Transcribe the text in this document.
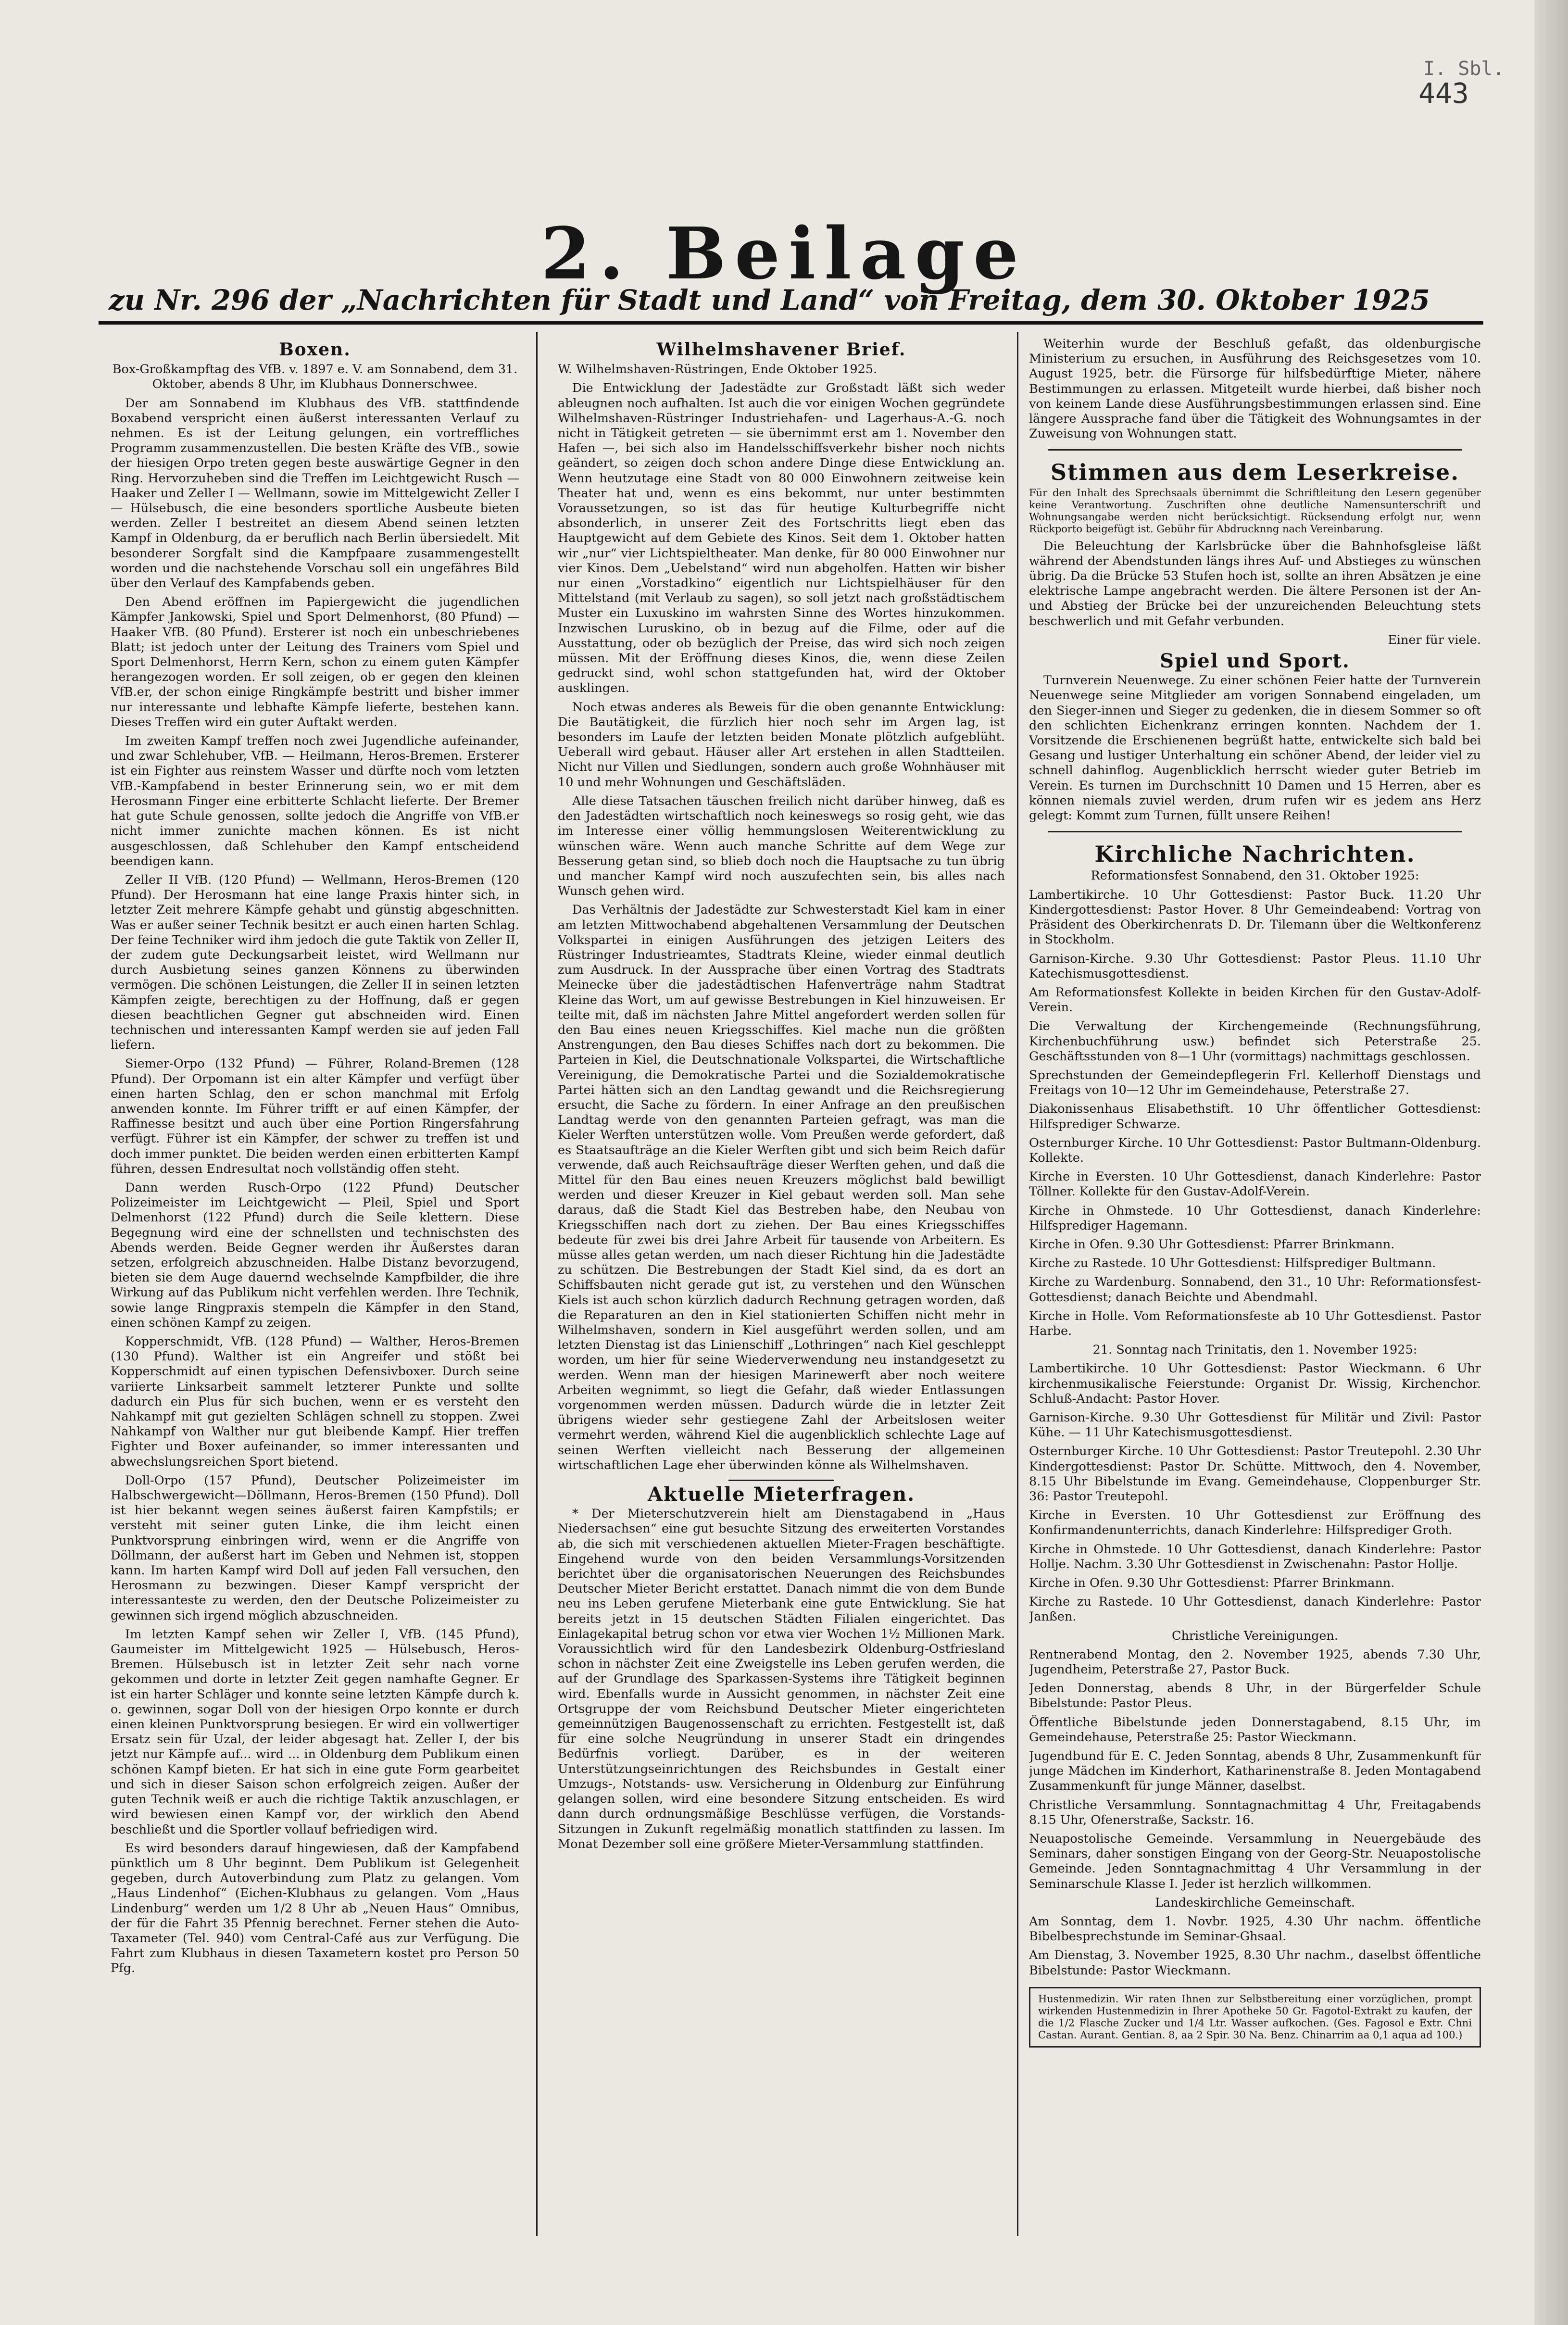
I. Sbl.
443
2. Beilage
zu Nr. 296 der „Nachrichten für Stadt und Land“ von Freitag, dem 30. Oktober 1925
Boxen.

Box-Großkampftag des VfB. v. 1897 e. V. am Sonnabend, dem 31. Oktober, abends 8 Uhr, im Klubhaus Donnerschwee.

Der am Sonnabend im Klubhaus des VfB. stattfindende Boxabend verspricht einen äußerst interessanten Verlauf zu nehmen. Es ist der Leitung gelungen, ein vortreffliches Programm zusammenzustellen. Die besten Kräfte des VfB., sowie der hiesigen Orpo treten gegen beste auswärtige Gegner in den Ring. Hervorzuheben sind die Treffen im Leichtgewicht Rusch — Haaker und Zeller I — Wellmann, sowie im Mittelgewicht Zeller I — Hülsebusch, die eine besonders sportliche Ausbeute bieten werden. Zeller I bestreitet an diesem Abend seinen letzten Kampf in Oldenburg, da er beruflich nach Berlin übersiedelt. Mit besonderer Sorgfalt sind die Kampfpaare zusammengestellt worden und die nachstehende Vorschau soll ein ungefähres Bild über den Verlauf des Kampfabends geben.

Den Abend eröffnen im Papiergewicht die jugendlichen Kämpfer Jankowski, Spiel und Sport Delmenhorst, (80 Pfund) — Haaker VfB. (80 Pfund). Ersterer ist noch ein unbeschriebenes Blatt; ist jedoch unter der Leitung des Trainers vom Spiel und Sport Delmenhorst, Herrn Kern, schon zu einem guten Kämpfer herangezogen worden. Er soll zeigen, ob er gegen den kleinen VfB.er, der schon einige Ringkämpfe bestritt und bisher immer nur interessante und lebhafte Kämpfe lieferte, bestehen kann. Dieses Treffen wird ein guter Auftakt werden.

Im zweiten Kampf treffen noch zwei Jugendliche aufeinander, und zwar Schlehuber, VfB. — Heilmann, Heros-Bremen. Ersterer ist ein Fighter aus reinstem Wasser und dürfte noch vom letzten VfB.-Kampfabend in bester Erinnerung sein, wo er mit dem Herosmann Finger eine erbitterte Schlacht lieferte. Der Bremer hat gute Schule genossen, sollte jedoch die Angriffe von VfB.er nicht immer zunichte machen können. Es ist nicht ausgeschlossen, daß Schlehuber den Kampf entscheidend beendigen kann.

Zeller II VfB. (120 Pfund) — Wellmann, Heros-Bremen (120 Pfund). Der Herosmann hat eine lange Praxis hinter sich, in letzter Zeit mehrere Kämpfe gehabt und günstig abgeschnitten. Was er außer seiner Technik besitzt er auch einen harten Schlag. Der feine Techniker wird ihm jedoch die gute Taktik von Zeller II, der zudem gute Deckungsarbeit leistet, wird Wellmann nur durch Ausbietung seines ganzen Könnens zu überwinden vermögen. Die schönen Leistungen, die Zeller II in seinen letzten Kämpfen zeigte, berechtigen zu der Hoffnung, daß er gegen diesen beachtlichen Gegner gut abschneiden wird. Einen technischen und interessanten Kampf werden sie auf jeden Fall liefern.

Siemer-Orpo (132 Pfund) — Führer, Roland-Bremen (128 Pfund). Der Orpomann ist ein alter Kämpfer und verfügt über einen harten Schlag, den er schon manchmal mit Erfolg anwenden konnte. Im Führer trifft er auf einen Kämpfer, der Raffinesse besitzt und auch über eine Portion Ringersfahrung verfügt. Führer ist ein Kämpfer, der schwer zu treffen ist und doch immer punktet. Die beiden werden einen erbitterten Kampf führen, dessen Endresultat noch vollständig offen steht.

Dann werden Rusch-Orpo (122 Pfund) Deutscher Polizeimeister im Leichtgewicht — Pleil, Spiel und Sport Delmenhorst (122 Pfund) durch die Seile klettern. Diese Begegnung wird eine der schnellsten und technischsten des Abends werden. Beide Gegner werden ihr Äußerstes daran setzen, erfolgreich abzuschneiden. Halbe Distanz bevorzugend, bieten sie dem Auge dauernd wechselnde Kampfbilder, die ihre Wirkung auf das Publikum nicht verfehlen werden. Ihre Technik, sowie lange Ringpraxis stempeln die Kämpfer in den Stand, einen schönen Kampf zu zeigen.

Kopperschmidt, VfB. (128 Pfund) — Walther, Heros-Bremen (130 Pfund). Walther ist ein Angreifer und stößt bei Kopperschmidt auf einen typischen Defensivboxer. Durch seine variierte Linksarbeit sammelt letzterer Punkte und sollte dadurch ein Plus für sich buchen, wenn er es versteht den Nahkampf mit gut gezielten Schlägen schnell zu stoppen. Zwei Nahkampf von Walther nur gut bleibende Kampf. Hier treffen Fighter und Boxer aufeinander, so immer interessanten und abwechslungsreichen Sport bietend.

Doll-Orpo (157 Pfund), Deutscher Polizeimeister im Halbschwergewicht—Döllmann, Heros-Bremen (150 Pfund). Doll ist hier bekannt wegen seines äußerst fairen Kampfstils; er versteht mit seiner guten Linke, die ihm leicht einen Punktvorsprung einbringen wird, wenn er die Angriffe von Döllmann, der außerst hart im Geben und Nehmen ist, stoppen kann. Im harten Kampf wird Doll auf jeden Fall versuchen, den Herosmann zu bezwingen. Dieser Kampf verspricht der interessanteste zu werden, den der Deutsche Polizeimeister zu gewinnen sich irgend möglich abzuschneiden.

Im letzten Kampf sehen wir Zeller I, VfB. (145 Pfund), Gaumeister im Mittelgewicht 1925 — Hülsebusch, Heros-Bremen. Hülsebusch ist in letzter Zeit sehr nach vorne gekommen und dorte in letzter Zeit gegen namhafte Gegner. Er ist ein harter Schläger und konnte seine letzten Kämpfe durch k. o. gewinnen, sogar Doll von der hiesigen Orpo konnte er durch einen kleinen Punktvorsprung besiegen. Er wird ein vollwertiger Ersatz sein für Uzal, der leider abgesagt hat. Zeller I, der bis jetzt nur Kämpfe auf... wird ... in Oldenburg dem Publikum einen schönen Kampf bieten. Er hat sich in eine gute Form gearbeitet und sich in dieser Saison schon erfolgreich zeigen. Außer der guten Technik weiß er auch die richtige Taktik anzuschlagen, er wird bewiesen einen Kampf vor, der wirklich den Abend beschließt und die Sportler vollauf befriedigen wird.

Es wird besonders darauf hingewiesen, daß der Kampfabend pünktlich um 8 Uhr beginnt. Dem Publikum ist Gelegenheit gegeben, durch Autoverbindung zum Platz zu gelangen. Vom „Haus Lindenhof“ (Eichen-Klubhaus zu gelangen. Vom „Haus Lindenburg“ werden um 1/2 8 Uhr ab „Neuen Haus“ Omnibus, der für die Fahrt 35 Pfennig berechnet. Ferner stehen die Auto-Taxameter (Tel. 940) vom Central-Café aus zur Verfügung. Die Fahrt zum Klubhaus in diesen Taxametern kostet pro Person 50 Pfg.

Wilhelmshavener Brief.

W. Wilhelmshaven-Rüstringen, Ende Oktober 1925.

Die Entwicklung der Jadestädte zur Großstadt läßt sich weder ableugnen noch aufhalten. Ist auch die vor einigen Wochen gegründete Wilhelmshaven-Rüstringer Industriehafen- und Lagerhaus-A.-G. noch nicht in Tätigkeit getreten — sie übernimmt erst am 1. November den Hafen —, bei sich also im Handelsschiffsverkehr bisher noch nichts geändert, so zeigen doch schon andere Dinge diese Entwicklung an. Wenn heutzutage eine Stadt von 80 000 Einwohnern zeitweise kein Theater hat und, wenn es eins bekommt, nur unter bestimmten Voraussetzungen, so ist das für heutige Kulturbegriffe nicht absonderlich, in unserer Zeit des Fortschritts liegt eben das Hauptgewicht auf dem Gebiete des Kinos. Seit dem 1. Oktober hatten wir „nur“ vier Lichtspieltheater. Man denke, für 80 000 Einwohner nur vier Kinos. Dem „Uebelstand“ wird nun abgeholfen. Hatten wir bisher nur einen „Vorstadkino“ eigentlich nur Lichtspielhäuser für den Mittelstand (mit Verlaub zu sagen), so soll jetzt nach großstädtischem Muster ein Luxuskino im wahrsten Sinne des Wortes hinzukommen. Inzwischen Luruskino, ob in bezug auf die Filme, oder auf die Ausstattung, oder ob bezüglich der Preise, das wird sich noch zeigen müssen. Mit der Eröffnung dieses Kinos, die, wenn diese Zeilen gedruckt sind, wohl schon stattgefunden hat, wird der Oktober ausklingen.

Noch etwas anderes als Beweis für die oben genannte Entwicklung: Die Bautätigkeit, die fürzlich hier noch sehr im Argen lag, ist besonders im Laufe der letzten beiden Monate plötzlich aufgeblüht. Ueberall wird gebaut. Häuser aller Art erstehen in allen Stadtteilen. Nicht nur Villen und Siedlungen, sondern auch große Wohnhäuser mit 10 und mehr Wohnungen und Geschäftsläden.

Alle diese Tatsachen täuschen freilich nicht darüber hinweg, daß es den Jadestädten wirtschaftlich noch keineswegs so rosig geht, wie das im Interesse einer völlig hemmungslosen Weiterentwicklung zu wünschen wäre. Wenn auch manche Schritte auf dem Wege zur Besserung getan sind, so blieb doch noch die Hauptsache zu tun übrig und mancher Kampf wird noch auszufechten sein, bis alles nach Wunsch gehen wird.

Das Verhältnis der Jadestädte zur Schwesterstadt Kiel kam in einer am letzten Mittwochabend abgehaltenen Versammlung der Deutschen Volkspartei in einigen Ausführungen des jetzigen Leiters des Rüstringer Industrieamtes, Stadtrats Kleine, wieder einmal deutlich zum Ausdruck. In der Aussprache über einen Vortrag des Stadtrats Meinecke über die jadestädtischen Hafenverträge nahm Stadtrat Kleine das Wort, um auf gewisse Bestrebungen in Kiel hinzuweisen. Er teilte mit, daß im nächsten Jahre Mittel angefordert werden sollen für den Bau eines neuen Kriegsschiffes. Kiel mache nun die größten Anstrengungen, den Bau dieses Schiffes nach dort zu bekommen. Die Parteien in Kiel, die Deutschnationale Volkspartei, die Wirtschaftliche Vereinigung, die Demokratische Partei und die Sozialdemokratische Partei hätten sich an den Landtag gewandt und die Reichsregierung ersucht, die Sache zu fördern. In einer Anfrage an den preußischen Landtag werde von den genannten Parteien gefragt, was man die Kieler Werften unterstützen wolle. Vom Preußen werde gefordert, daß es Staatsaufträge an die Kieler Werften gibt und sich beim Reich dafür verwende, daß auch Reichsaufträge dieser Werften gehen, und daß die Mittel für den Bau eines neuen Kreuzers möglichst bald bewilligt werden und dieser Kreuzer in Kiel gebaut werden soll. Man sehe daraus, daß die Stadt Kiel das Bestreben habe, den Neubau von Kriegsschiffen nach dort zu ziehen. Der Bau eines Kriegsschiffes bedeute für zwei bis drei Jahre Arbeit für tausende von Arbeitern. Es müsse alles getan werden, um nach dieser Richtung hin die Jadestädte zu schützen. Die Bestrebungen der Stadt Kiel sind, da es dort an Schiffsbauten nicht gerade gut ist, zu verstehen und den Wünschen Kiels ist auch schon kürzlich dadurch Rechnung getragen worden, daß die Reparaturen an den in Kiel stationierten Schiffen nicht mehr in Wilhelmshaven, sondern in Kiel ausgeführt werden sollen, und am letzten Dienstag ist das Linienschiff „Lothringen“ nach Kiel geschleppt worden, um hier für seine Wiederverwendung neu instandgesetzt zu werden. Wenn man der hiesigen Marinewerft aber noch weitere Arbeiten wegnimmt, so liegt die Gefahr, daß wieder Entlassungen vorgenommen werden müssen. Dadurch würde die in letzter Zeit übrigens wieder sehr gestiegene Zahl der Arbeitslosen weiter vermehrt werden, während Kiel die augenblicklich schlechte Lage auf seinen Werften vielleicht nach Besserung der allgemeinen wirtschaftlichen Lage eher überwinden könne als Wilhelmshaven.

Aktuelle Mieterfragen.

* Der Mieterschutzverein hielt am Dienstagabend in „Haus Niedersachsen“ eine gut besuchte Sitzung des erweiterten Vorstandes ab, die sich mit verschiedenen aktuellen Mieter-Fragen beschäftigte. Eingehend wurde von den beiden Versammlungs-Vorsitzenden berichtet über die organisatorischen Neuerungen des Reichsbundes Deutscher Mieter Bericht erstattet. Danach nimmt die von dem Bunde neu ins Leben gerufene Mieterbank eine gute Entwicklung. Sie hat bereits jetzt in 15 deutschen Städten Filialen eingerichtet. Das Einlagekapital betrug schon vor etwa vier Wochen 1½ Millionen Mark. Voraussichtlich wird für den Landesbezirk Oldenburg-Ostfriesland schon in nächster Zeit eine Zweigstelle ins Leben gerufen werden, die auf der Grundlage des Sparkassen-Systems ihre Tätigkeit beginnen wird. Ebenfalls wurde in Aussicht genommen, in nächster Zeit eine Ortsgruppe der vom Reichsbund Deutscher Mieter eingerichteten gemeinnützigen Baugenossenschaft zu errichten. Festgestellt ist, daß für eine solche Neugründung in unserer Stadt ein dringendes Bedürfnis vorliegt. Darüber, es in der weiteren Unterstützungseinrichtungen des Reichsbundes in Gestalt einer Umzugs-, Notstands- usw. Versicherung in Oldenburg zur Einführung gelangen sollen, wird eine besondere Sitzung entscheiden. Es wird dann durch ordnungsmäßige Beschlüsse verfügen, die Vorstands-Sitzungen in Zukunft regelmäßig monatlich stattfinden zu lassen. Im Monat Dezember soll eine größere Mieter-Versammlung stattfinden.

Weiterhin wurde der Beschluß gefaßt, das oldenburgische Ministerium zu ersuchen, in Ausführung des Reichsgesetzes vom 10. August 1925, betr. die Fürsorge für hilfsbedürftige Mieter, nähere Bestimmungen zu erlassen. Mitgeteilt wurde hierbei, daß bisher noch von keinem Lande diese Ausführungsbestimmungen erlassen sind. Eine längere Aussprache fand über die Tätigkeit des Wohnungsamtes in der Zuweisung von Wohnungen statt.

Stimmen aus dem Leserkreise.

Für den Inhalt des Sprechsaals übernimmt die Schriftleitung den Lesern gegenüber keine Verantwortung. Zuschriften ohne deutliche Namensunterschrift und Wohnungsangabe werden nicht berücksichtigt. Rücksendung erfolgt nur, wenn Rückporto beigefügt ist. Gebühr für Abdrucknng nach Vereinbarung.

Die Beleuchtung der Karlsbrücke über die Bahnhofsgleise läßt während der Abendstunden längs ihres Auf- und Abstieges zu wünschen übrig. Da die Brücke 53 Stufen hoch ist, sollte an ihren Absätzen je eine elektrische Lampe angebracht werden. Die ältere Personen ist der An- und Abstieg der Brücke bei der unzureichenden Beleuchtung stets beschwerlich und mit Gefahr verbunden.

Einer für viele.

Spiel und Sport.

Turnverein Neuenwege. Zu einer schönen Feier hatte der Turnverein Neuenwege seine Mitglieder am vorigen Sonnabend eingeladen, um den Sieger-innen und Sieger zu gedenken, die in diesem Sommer so oft den schlichten Eichenkranz erringen konnten. Nachdem der 1. Vorsitzende die Erschienenen begrüßt hatte, entwickelte sich bald bei Gesang und lustiger Unterhaltung ein schöner Abend, der leider viel zu schnell dahinflog. Augenblicklich herrscht wieder guter Betrieb im Verein. Es turnen im Durchschnitt 10 Damen und 15 Herren, aber es können niemals zuviel werden, drum rufen wir es jedem ans Herz gelegt: Kommt zum Turnen, füllt unsere Reihen!

Kirchliche Nachrichten.

Reformationsfest Sonnabend, den 31. Oktober 1925:

Lambertikirche. 10 Uhr Gottesdienst: Pastor Buck. 11.20 Uhr Kindergottesdienst: Pastor Hover. 8 Uhr Gemeindeabend: Vortrag von Präsident des Oberkirchenrats D. Dr. Tilemann über die Weltkonferenz in Stockholm.

Garnison-Kirche. 9.30 Uhr Gottesdienst: Pastor Pleus. 11.10 Uhr Katechismusgottesdienst.

Am Reformationsfest Kollekte in beiden Kirchen für den Gustav-Adolf-Verein.

Die Verwaltung der Kirchengemeinde (Rechnungsführung, Kirchenbuchführung usw.) befindet sich Peterstraße 25. Geschäftsstunden von 8—1 Uhr (vormittags) nachmittags geschlossen.

Sprechstunden der Gemeindepflegerin Frl. Kellerhoff Dienstags und Freitags von 10—12 Uhr im Gemeindehause, Peterstraße 27.

Diakonissenhaus Elisabethstift. 10 Uhr öffentlicher Gottesdienst: Hilfsprediger Schwarze.

Osternburger Kirche. 10 Uhr Gottesdienst: Pastor Bultmann-Oldenburg. Kollekte.

Kirche in Eversten. 10 Uhr Gottesdienst, danach Kinderlehre: Pastor Töllner. Kollekte für den Gustav-Adolf-Verein.

Kirche in Ohmstede. 10 Uhr Gottesdienst, danach Kinderlehre: Hilfsprediger Hagemann.

Kirche in Ofen. 9.30 Uhr Gottesdienst: Pfarrer Brinkmann.

Kirche zu Rastede. 10 Uhr Gottesdienst: Hilfsprediger Bultmann.

Kirche zu Wardenburg. Sonnabend, den 31., 10 Uhr: Reformationsfest-Gottesdienst; danach Beichte und Abendmahl.

Kirche in Holle. Vom Reformationsfeste ab 10 Uhr Gottesdienst. Pastor Harbe.

21. Sonntag nach Trinitatis, den 1. November 1925:

Lambertikirche. 10 Uhr Gottesdienst: Pastor Wieckmann. 6 Uhr kirchenmusikalische Feierstunde: Organist Dr. Wissig, Kirchenchor. Schluß-Andacht: Pastor Hover.

Garnison-Kirche. 9.30 Uhr Gottesdienst für Militär und Zivil: Pastor Kühe. — 11 Uhr Katechismusgottesdienst.

Osternburger Kirche. 10 Uhr Gottesdienst: Pastor Treutepohl. 2.30 Uhr Kindergottesdienst: Pastor Dr. Schütte. Mittwoch, den 4. November, 8.15 Uhr Bibelstunde im Evang. Gemeindehause, Cloppenburger Str. 36: Pastor Treutepohl.

Kirche in Eversten. 10 Uhr Gottesdienst zur Eröffnung des Konfirmandenunterrichts, danach Kinderlehre: Hilfsprediger Groth.

Kirche in Ohmstede. 10 Uhr Gottesdienst, danach Kinderlehre: Pastor Hollje. Nachm. 3.30 Uhr Gottesdienst in Zwischenahn: Pastor Hollje.

Kirche in Ofen. 9.30 Uhr Gottesdienst: Pfarrer Brinkmann.

Kirche zu Rastede. 10 Uhr Gottesdienst, danach Kinderlehre: Pastor Janßen.

Christliche Vereinigungen.

Rentnerabend Montag, den 2. November 1925, abends 7.30 Uhr, Jugendheim, Peterstraße 27, Pastor Buck.

Jeden Donnerstag, abends 8 Uhr, in der Bürgerfelder Schule Bibelstunde: Pastor Pleus.

Öffentliche Bibelstunde jeden Donnerstagabend, 8.15 Uhr, im Gemeindehause, Peterstraße 25: Pastor Wieckmann.

Jugendbund für E. C. Jeden Sonntag, abends 8 Uhr, Zusammenkunft für junge Mädchen im Kinderhort, Katharinenstraße 8. Jeden Montagabend Zusammenkunft für junge Männer, daselbst.

Christliche Versammlung. Sonntagnachmittag 4 Uhr, Freitagabends 8.15 Uhr, Ofenerstraße, Sackstr. 16.

Neuapostolische Gemeinde. Versammlung in Neuergebäude des Seminars, daher sonstigen Eingang von der Georg-Str. Neuapostolische Gemeinde. Jeden Sonntagnachmittag 4 Uhr Versammlung in der Seminarschule Klasse I. Jeder ist herzlich willkommen.

Landeskirchliche Gemeinschaft.

Am Sonntag, dem 1. Novbr. 1925, 4.30 Uhr nachm. öffentliche Bibelbesprechstunde im Seminar-Ghsaal.

Am Dienstag, 3. November 1925, 8.30 Uhr nachm., daselbst öffentliche Bibelstunde: Pastor Wieckmann.

Hustenmedizin. Wir raten Ihnen zur Selbstbereitung einer vorzüglichen, prompt wirkenden Hustenmedizin in Ihrer Apotheke 50 Gr. Fagotol-Extrakt zu kaufen, der die 1/2 Flasche Zucker und 1/4 Ltr. Wasser aufkochen. (Ges. Fagosol e Extr. Chni Castan. Aurant. Gentian. 8, aa 2 Spir. 30 Na. Benz. Chinarrim aa 0,1 aqua ad 100.)
